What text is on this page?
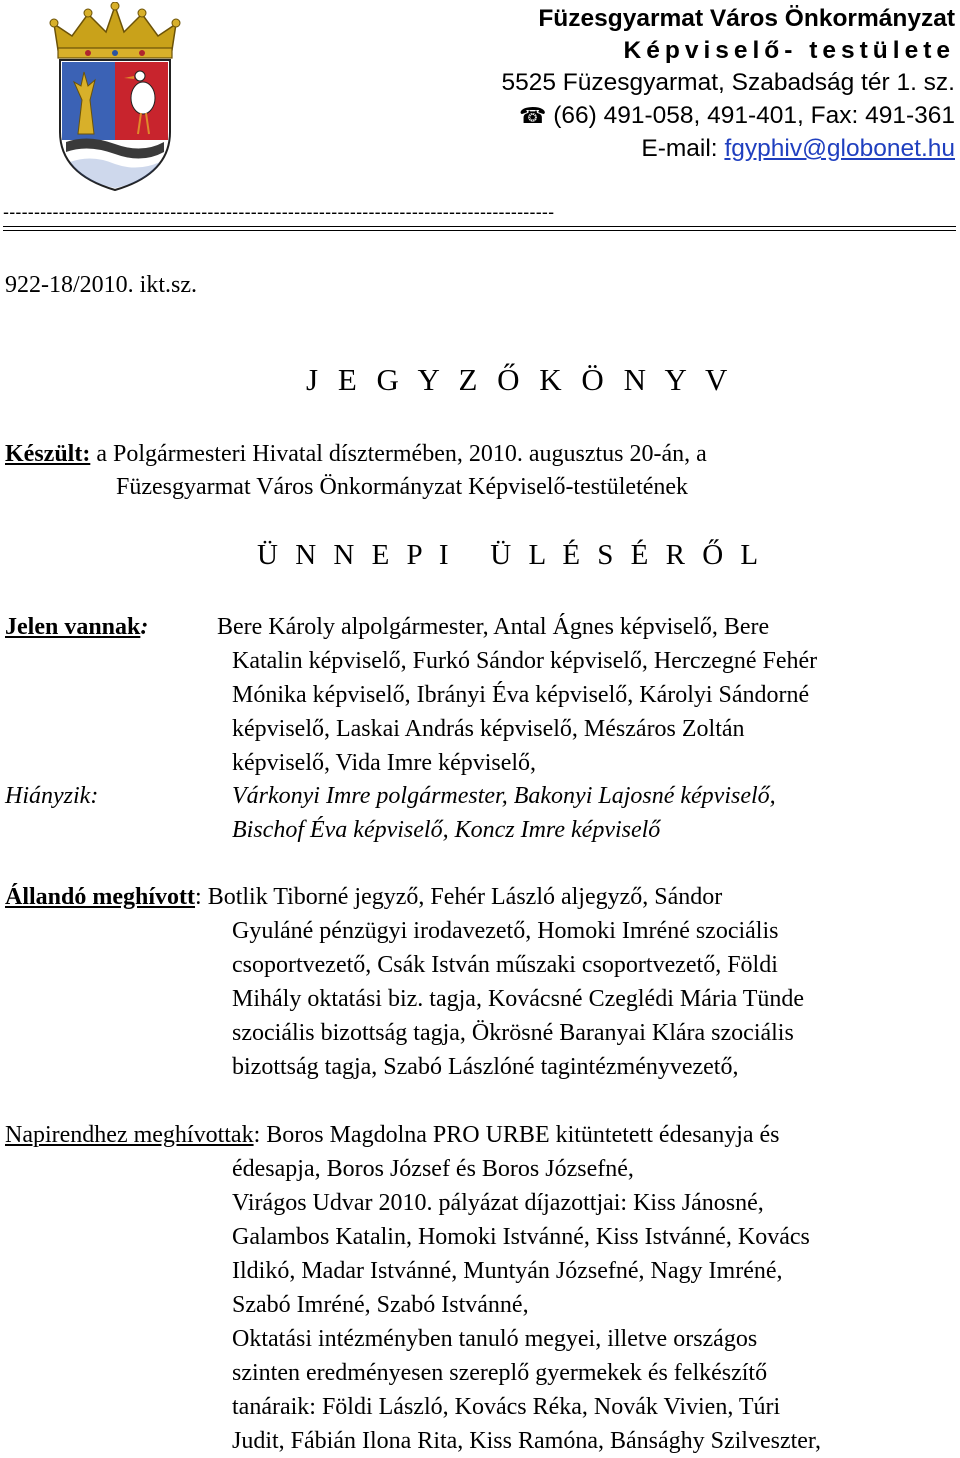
Füzesgyarmat Város Önkormányzat
Képviselő- testülete
5525 Füzesgyarmat, Szabadság tér 1. sz.
☎ (66) 491-058, 491-401, Fax: 491-361
E-mail: fgyphiv@globonet.hu
-----------------------------------------------------------------------------------------
922-18/2010. ikt.sz.
J E G Y Z Ő K Ö N Y V
Készült: a Polgármesteri Hivatal dísztermében, 2010. augusztus 20-án, a
Füzesgyarmat Város Önkormányzat Képviselő-testületének
Ü N N E P I   Ü L É S É R Ő L
Jelen vannak:	Bere Károly alpolgármester, Antal Ágnes képviselő, Bere
Katalin képviselő, Furkó Sándor képviselő, Herczegné Fehér
Mónika képviselő, Ibrányi Éva képviselő, Károlyi Sándorné
képviselő, Laskai András képviselő, Mészáros Zoltán
képviselő, Vida Imre képviselő,
Hiányzik:	Várkonyi Imre polgármester, Bakonyi Lajosné képviselő,
Bischof Éva képviselő, Koncz Imre képviselő
Állandó meghívott: Botlik Tiborné jegyző, Fehér László aljegyző, Sándor
Gyuláné pénzügyi irodavezető, Homoki Imréné szociális
csoportvezető, Csák István műszaki csoportvezető, Földi
Mihály oktatási biz. tagja, Kovácsné Czeglédi Mária Tünde
szociális bizottság tagja, Ökrösné Baranyai Klára szociális
bizottság tagja, Szabó Lászlóné tagintézményvezető,
Napirendhez meghívottak: Boros Magdolna PRO URBE kitüntetett édesanyja és
édesapja, Boros József és Boros Józsefné,
Virágos Udvar 2010. pályázat díjazottjai: Kiss Jánosné,
Galambos Katalin, Homoki Istvánné, Kiss Istvánné, Kovács
Ildikó, Madar Istvánné, Muntyán Józsefné, Nagy Imréné,
Szabó Imréné, Szabó Istvánné,
Oktatási intézményben tanuló megyei, illetve országos
szinten eredményesen szereplő gyermekek és felkészítő
tanáraik: Földi László, Kovács Réka, Novák Vivien, Túri
Judit, Fábián Ilona Rita, Kiss Ramóna, Bánsághy Szilveszter,
